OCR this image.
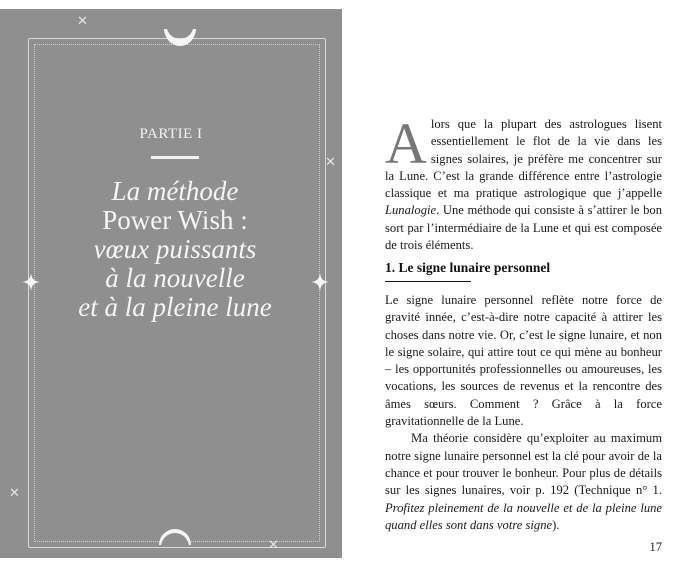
✕
✕
✕
✕
PARTIE I
La méthode
Power Wish :
vœux puissants
à la nouvelle
et à la pleine lune
Alors que la plupart des astrologues lisent essentiellement le flot de la vie dans les signes solaires, je préfère me concentrer sur la Lune. C’est la grande différence entre l’astrologie classique et ma pratique astrologique que j’appelle Lunalogie. Une méthode qui consiste à s’attirer le bon sort par l’intermédiaire de la Lune et qui est composée de trois éléments.
1. Le signe lunaire personnel

Le signe lunaire personnel reflète notre force de gravité innée, c’est-à-dire notre capacité à attirer les choses dans notre vie. Or, c’est le signe lunaire, et non le signe solaire, qui attire tout ce qui mène au bonheur – les opportunités professionnelles ou amoureuses, les vocations, les sources de revenus et la rencontre des âmes sœurs. Comment ? Grâce à la force gravitationnelle de la Lune.

Ma théorie considère qu’exploiter au maximum notre signe lunaire personnel est la clé pour avoir de la chance et pour trouver le bonheur. Pour plus de détails sur les signes lunaires, voir p. 192 (Technique n° 1. Profitez pleinement de la nouvelle et de la pleine lune quand elles sont dans votre signe).

17
